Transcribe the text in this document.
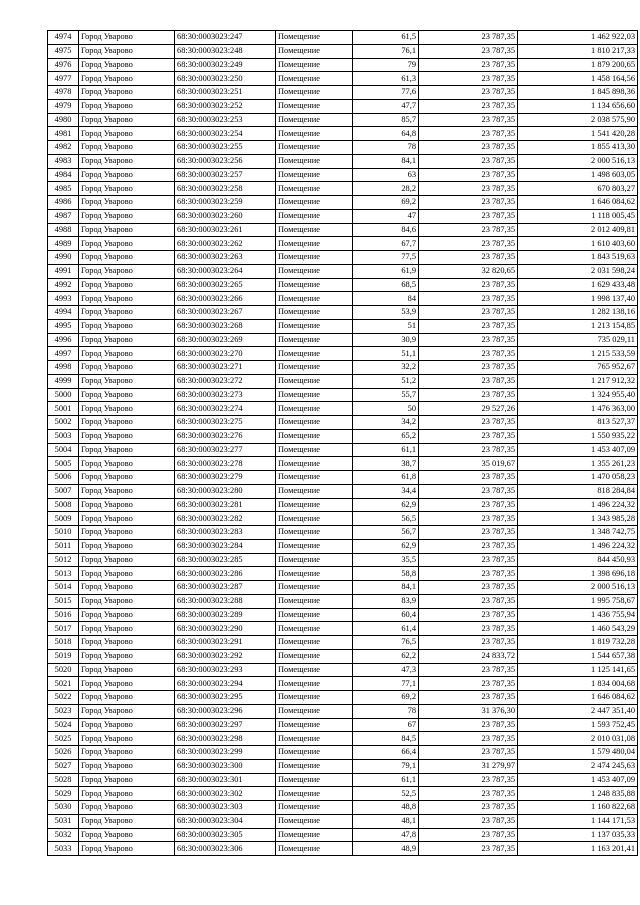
4974	Город Уварово	68:30:0003023:247	Помещение	61,5	23 787,35	1 462 922,03
4975	Город Уварово	68:30:0003023:248	Помещение	76,1	23 787,35	1 810 217,33
4976	Город Уварово	68:30:0003023:249	Помещение	79	23 787,35	1 879 200,65
4977	Город Уварово	68:30:0003023:250	Помещение	61,3	23 787,35	1 458 164,56
4978	Город Уварово	68:30:0003023:251	Помещение	77,6	23 787,35	1 845 898,36
4979	Город Уварово	68:30:0003023:252	Помещение	47,7	23 787,35	1 134 656,60
4980	Город Уварово	68:30:0003023:253	Помещение	85,7	23 787,35	2 038 575,90
4981	Город Уварово	68:30:0003023:254	Помещение	64,8	23 787,35	1 541 420,28
4982	Город Уварово	68:30:0003023:255	Помещение	78	23 787,35	1 855 413,30
4983	Город Уварово	68:30:0003023:256	Помещение	84,1	23 787,35	2 000 516,13
4984	Город Уварово	68:30:0003023:257	Помещение	63	23 787,35	1 498 603,05
4985	Город Уварово	68:30:0003023:258	Помещение	28,2	23 787,35	670 803,27
4986	Город Уварово	68:30:0003023:259	Помещение	69,2	23 787,35	1 646 084,62
4987	Город Уварово	68:30:0003023:260	Помещение	47	23 787,35	1 118 005,45
4988	Город Уварово	68:30:0003023:261	Помещение	84,6	23 787,35	2 012 409,81
4989	Город Уварово	68:30:0003023:262	Помещение	67,7	23 787,35	1 610 403,60
4990	Город Уварово	68:30:0003023:263	Помещение	77,5	23 787,35	1 843 519,63
4991	Город Уварово	68:30:0003023:264	Помещение	61,9	32 820,65	2 031 598,24
4992	Город Уварово	68:30:0003023:265	Помещение	68,5	23 787,35	1 629 433,48
4993	Город Уварово	68:30:0003023:266	Помещение	84	23 787,35	1 998 137,40
4994	Город Уварово	68:30:0003023:267	Помещение	53,9	23 787,35	1 282 138,16
4995	Город Уварово	68:30:0003023:268	Помещение	51	23 787,35	1 213 154,85
4996	Город Уварово	68:30:0003023:269	Помещение	30,9	23 787,35	735 029,11
4997	Город Уварово	68:30:0003023:270	Помещение	51,1	23 787,35	1 215 533,59
4998	Город Уварово	68:30:0003023:271	Помещение	32,2	23 787,35	765 952,67
4999	Город Уварово	68:30:0003023:272	Помещение	51,2	23 787,35	1 217 912,32
5000	Город Уварово	68:30:0003023:273	Помещение	55,7	23 787,35	1 324 955,40
5001	Город Уварово	68:30:0003023:274	Помещение	50	29 527,26	1 476 363,00
5002	Город Уварово	68:30:0003023:275	Помещение	34,2	23 787,35	813 527,37
5003	Город Уварово	68:30:0003023:276	Помещение	65,2	23 787,35	1 550 935,22
5004	Город Уварово	68:30:0003023:277	Помещение	61,1	23 787,35	1 453 407,09
5005	Город Уварово	68:30:0003023:278	Помещение	38,7	35 019,67	1 355 261,23
5006	Город Уварово	68:30:0003023:279	Помещение	61,8	23 787,35	1 470 058,23
5007	Город Уварово	68:30:0003023:280	Помещение	34,4	23 787,35	818 284,84
5008	Город Уварово	68:30:0003023:281	Помещение	62,9	23 787,35	1 496 224,32
5009	Город Уварово	68:30:0003023:282	Помещение	56,5	23 787,35	1 343 985,28
5010	Город Уварово	68:30:0003023:283	Помещение	56,7	23 787,35	1 348 742,75
5011	Город Уварово	68:30:0003023:284	Помещение	62,9	23 787,35	1 496 224,32
5012	Город Уварово	68:30:0003023:285	Помещение	35,5	23 787,35	844 450,93
5013	Город Уварово	68:30:0003023:286	Помещение	58,8	23 787,35	1 398 696,18
5014	Город Уварово	68:30:0003023:287	Помещение	84,1	23 787,35	2 000 516,13
5015	Город Уварово	68:30:0003023:288	Помещение	83,9	23 787,35	1 995 758,67
5016	Город Уварово	68:30:0003023:289	Помещение	60,4	23 787,35	1 436 755,94
5017	Город Уварово	68:30:0003023:290	Помещение	61,4	23 787,35	1 460 543,29
5018	Город Уварово	68:30:0003023:291	Помещение	76,5	23 787,35	1 819 732,28
5019	Город Уварово	68:30:0003023:292	Помещение	62,2	24 833,72	1 544 657,38
5020	Город Уварово	68:30:0003023:293	Помещение	47,3	23 787,35	1 125 141,65
5021	Город Уварово	68:30:0003023:294	Помещение	77,1	23 787,35	1 834 004,68
5022	Город Уварово	68:30:0003023:295	Помещение	69,2	23 787,35	1 646 084,62
5023	Город Уварово	68:30:0003023:296	Помещение	78	31 376,30	2 447 351,40
5024	Город Уварово	68:30:0003023:297	Помещение	67	23 787,35	1 593 752,45
5025	Город Уварово	68:30:0003023:298	Помещение	84,5	23 787,35	2 010 031,08
5026	Город Уварово	68:30:0003023:299	Помещение	66,4	23 787,35	1 579 480,04
5027	Город Уварово	68:30:0003023:300	Помещение	79,1	31 279,97	2 474 245,63
5028	Город Уварово	68:30:0003023:301	Помещение	61,1	23 787,35	1 453 407,09
5029	Город Уварово	68:30:0003023:302	Помещение	52,5	23 787,35	1 248 835,88
5030	Город Уварово	68:30:0003023:303	Помещение	48,8	23 787,35	1 160 822,68
5031	Город Уварово	68:30:0003023:304	Помещение	48,1	23 787,35	1 144 171,53
5032	Город Уварово	68:30:0003023:305	Помещение	47,8	23 787,35	1 137 035,33
5033	Город Уварово	68:30:0003023:306	Помещение	48,9	23 787,35	1 163 201,41
